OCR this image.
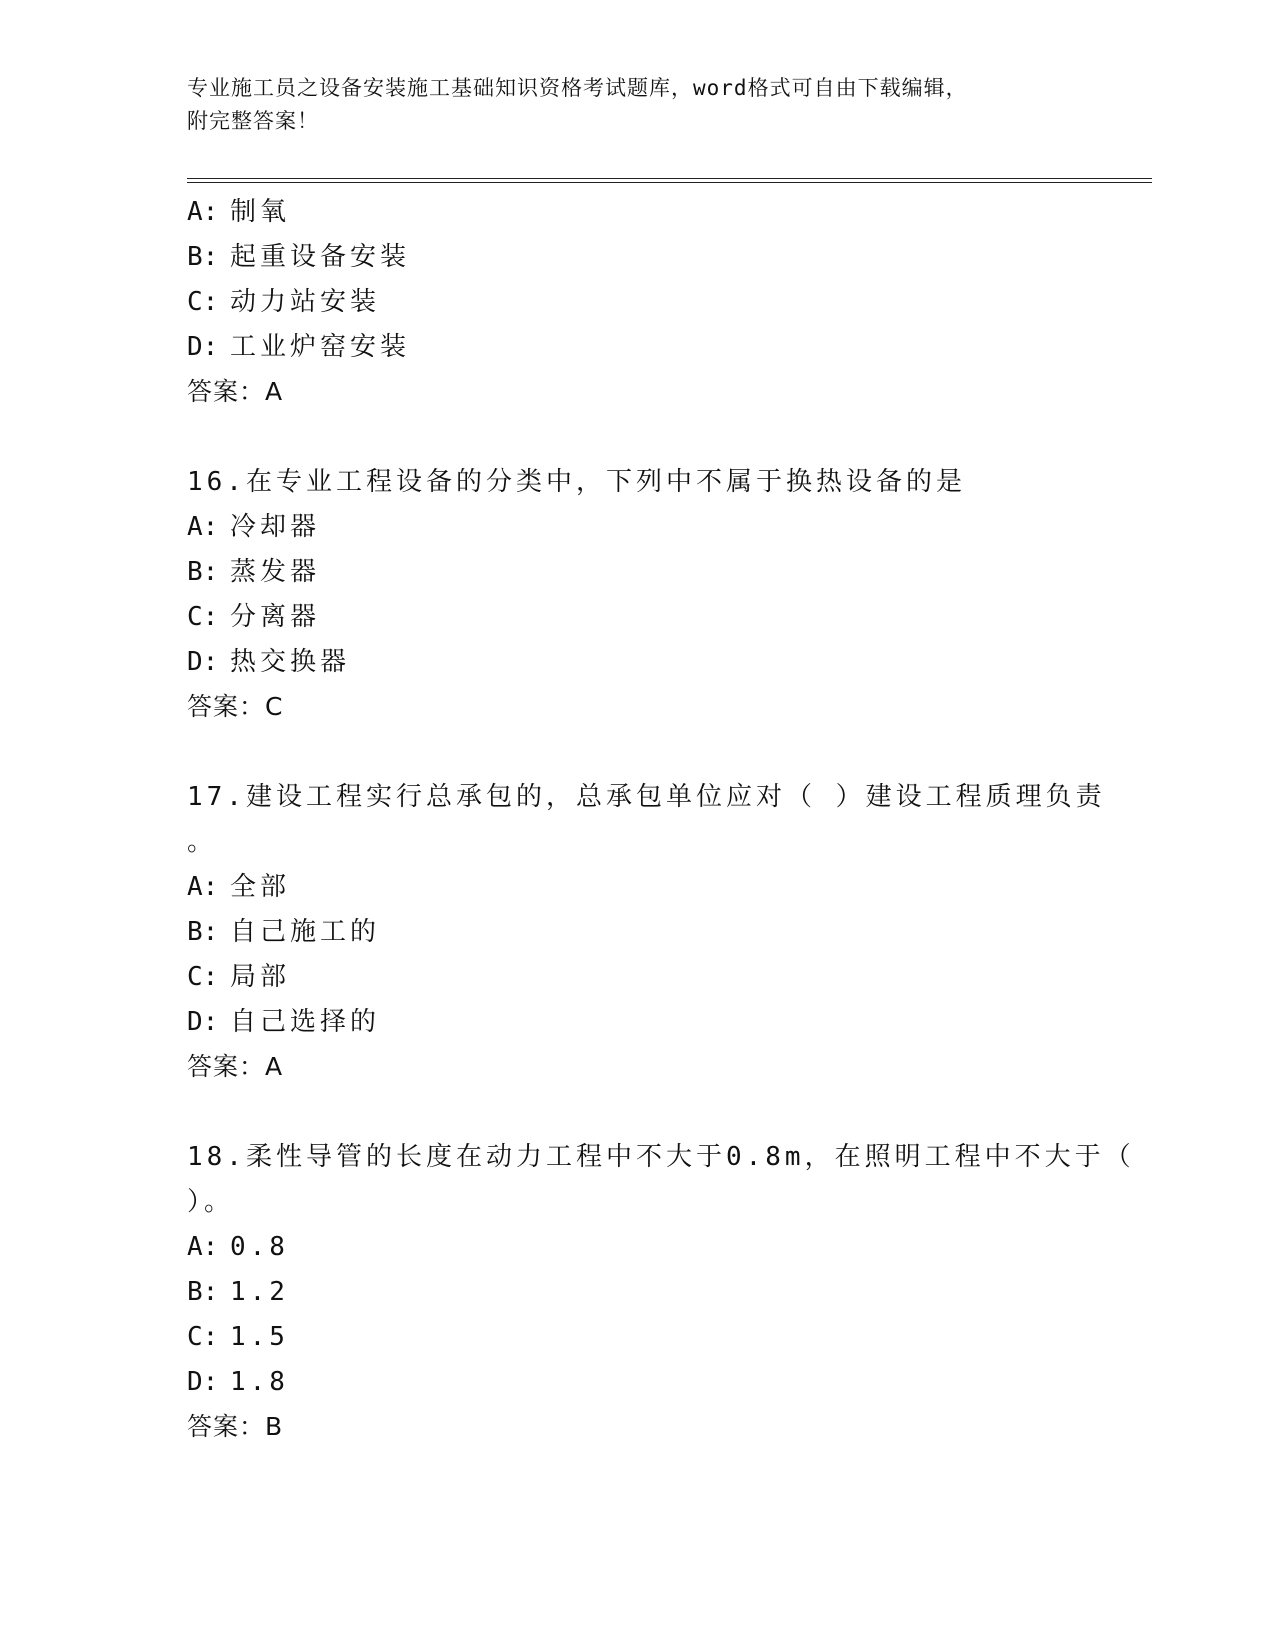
专业施工员之设备安装施工基础知识资格考试题库，word格式可自由下载编辑，
附完整答案！
A: 制氧
B: 起重设备安装
C: 动力站安装
D: 工业炉窑安装
答案：A
16.在专业工程设备的分类中，下列中不属于换热设备的是
A: 冷却器
B: 蒸发器
C: 分离器
D: 热交换器
答案：C
17.建设工程实行总承包的，总承包单位应对（ ）建设工程质理负责
。
A: 全部
B: 自己施工的
C: 局部
D: 自己选择的
答案：A
18.柔性导管的长度在动力工程中不大于0.8m，在照明工程中不大于（
）。
A: 0.8
B: 1.2
C: 1.5
D: 1.8
答案：B
